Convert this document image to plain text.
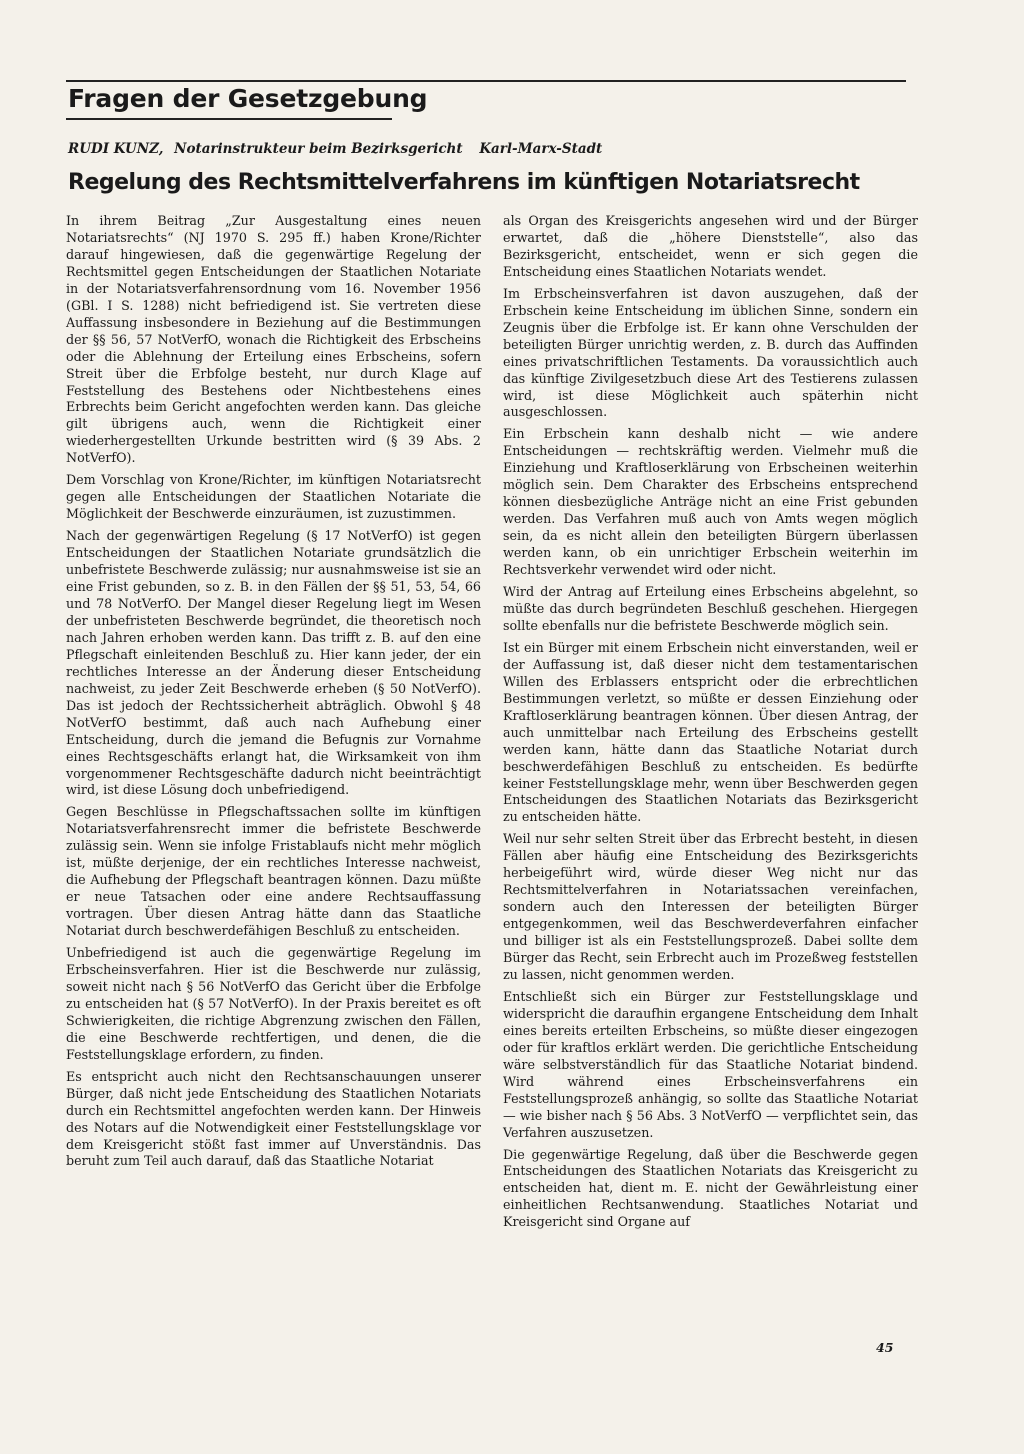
Fragen der Gesetzgebung

RUDI KUNZ, Notarinstrukteur beim Bezirksgericht Karl-Marx-Stadt

Regelung des Rechtsmittelverfahrens im künftigen Notariatsrecht

In ihrem Beitrag „Zur Ausgestaltung eines neuen Notariatsrechts“ (NJ 1970 S. 295 ff.) haben Krone/Richter darauf hingewiesen, daß die gegenwärtige Regelung der Rechtsmittel gegen Entscheidungen der Staatlichen Notariate in der Notariatsverfahrensordnung vom 16. November 1956 (GBl. I S. 1288) nicht befriedigend ist. Sie vertreten diese Auffassung insbesondere in Beziehung auf die Bestimmungen der §§ 56, 57 NotVerfO, wonach die Richtigkeit des Erbscheins oder die Ablehnung der Erteilung eines Erbscheins, sofern Streit über die Erbfolge besteht, nur durch Klage auf Feststellung des Bestehens oder Nichtbestehens eines Erbrechts beim Gericht angefochten werden kann. Das gleiche gilt übrigens auch, wenn die Richtigkeit einer wiederhergestellten Urkunde bestritten wird (§ 39 Abs. 2 NotVerfO).

Dem Vorschlag von Krone/Richter, im künftigen Notariatsrecht gegen alle Entscheidungen der Staatlichen Notariate die Möglichkeit der Beschwerde einzuräumen, ist zuzustimmen.

Nach der gegenwärtigen Regelung (§ 17 NotVerfO) ist gegen Entscheidungen der Staatlichen Notariate grundsätzlich die unbefristete Beschwerde zulässig; nur ausnahmsweise ist sie an eine Frist gebunden, so z. B. in den Fällen der §§ 51, 53, 54, 66 und 78 NotVerfO. Der Mangel dieser Regelung liegt im Wesen der unbefristeten Beschwerde begründet, die theoretisch noch nach Jahren erhoben werden kann. Das trifft z. B. auf den eine Pflegschaft einleitenden Beschluß zu. Hier kann jeder, der ein rechtliches Interesse an der Änderung dieser Entscheidung nachweist, zu jeder Zeit Beschwerde erheben (§ 50 NotVerfO). Das ist jedoch der Rechtssicherheit abträglich. Obwohl § 48 NotVerfO bestimmt, daß auch nach Aufhebung einer Entscheidung, durch die jemand die Befugnis zur Vornahme eines Rechtsgeschäfts erlangt hat, die Wirksamkeit von ihm vorgenommener Rechtsgeschäfte dadurch nicht beeinträchtigt wird, ist diese Lösung doch unbefriedigend.

Gegen Beschlüsse in Pflegschaftssachen sollte im künftigen Notariatsverfahrensrecht immer die befristete Beschwerde zulässig sein. Wenn sie infolge Fristablaufs nicht mehr möglich ist, müßte derjenige, der ein rechtliches Interesse nachweist, die Aufhebung der Pflegschaft beantragen können. Dazu müßte er neue Tatsachen oder eine andere Rechtsauffassung vortragen. Über diesen Antrag hätte dann das Staatliche Notariat durch beschwerdefähigen Beschluß zu entscheiden.

Unbefriedigend ist auch die gegenwärtige Regelung im Erbscheinsverfahren. Hier ist die Beschwerde nur zulässig, soweit nicht nach § 56 NotVerfO das Gericht über die Erbfolge zu entscheiden hat (§ 57 NotVerfO). In der Praxis bereitet es oft Schwierigkeiten, die richtige Abgrenzung zwischen den Fällen, die eine Beschwerde rechtfertigen, und denen, die die Feststellungsklage erfordern, zu finden.

Es entspricht auch nicht den Rechtsanschauungen unserer Bürger, daß nicht jede Entscheidung des Staatlichen Notariats durch ein Rechtsmittel angefochten werden kann. Der Hinweis des Notars auf die Notwendigkeit einer Feststellungsklage vor dem Kreisgericht stößt fast immer auf Unverständnis. Das beruht zum Teil auch darauf, daß das Staatliche Notariat

als Organ des Kreisgerichts angesehen wird und der Bürger erwartet, daß die „höhere Dienststelle“, also das Bezirksgericht, entscheidet, wenn er sich gegen die Entscheidung eines Staatlichen Notariats wendet.

Im Erbscheinsverfahren ist davon auszugehen, daß der Erbschein keine Entscheidung im üblichen Sinne, sondern ein Zeugnis über die Erbfolge ist. Er kann ohne Verschulden der beteiligten Bürger unrichtig werden, z. B. durch das Auffinden eines privatschriftlichen Testaments. Da voraussichtlich auch das künftige Zivilgesetzbuch diese Art des Testierens zulassen wird, ist diese Möglichkeit auch späterhin nicht ausgeschlossen.

Ein Erbschein kann deshalb nicht — wie andere Entscheidungen — rechtskräftig werden. Vielmehr muß die Einziehung und Kraftloserklärung von Erbscheinen weiterhin möglich sein. Dem Charakter des Erbscheins entsprechend können diesbezügliche Anträge nicht an eine Frist gebunden werden. Das Verfahren muß auch von Amts wegen möglich sein, da es nicht allein den beteiligten Bürgern überlassen werden kann, ob ein unrichtiger Erbschein weiterhin im Rechtsverkehr verwendet wird oder nicht.

Wird der Antrag auf Erteilung eines Erbscheins abgelehnt, so müßte das durch begründeten Beschluß geschehen. Hiergegen sollte ebenfalls nur die befristete Beschwerde möglich sein.

Ist ein Bürger mit einem Erbschein nicht einverstanden, weil er der Auffassung ist, daß dieser nicht dem testamentarischen Willen des Erblassers entspricht oder die erbrechtlichen Bestimmungen verletzt, so müßte er dessen Einziehung oder Kraftloserklärung beantragen können. Über diesen Antrag, der auch unmittelbar nach Erteilung des Erbscheins gestellt werden kann, hätte dann das Staatliche Notariat durch beschwerdefähigen Beschluß zu entscheiden. Es bedürfte keiner Feststellungsklage mehr, wenn über Beschwerden gegen Entscheidungen des Staatlichen Notariats das Bezirksgericht zu entscheiden hätte.

Weil nur sehr selten Streit über das Erbrecht besteht, in diesen Fällen aber häufig eine Entscheidung des Bezirksgerichts herbeigeführt wird, würde dieser Weg nicht nur das Rechtsmittelverfahren in Notariatssachen vereinfachen, sondern auch den Interessen der beteiligten Bürger entgegenkommen, weil das Beschwerdeverfahren einfacher und billiger ist als ein Feststellungsprozeß. Dabei sollte dem Bürger das Recht, sein Erbrecht auch im Prozeßweg feststellen zu lassen, nicht genommen werden.

Entschließt sich ein Bürger zur Feststellungsklage und widerspricht die daraufhin ergangene Entscheidung dem Inhalt eines bereits erteilten Erbscheins, so müßte dieser eingezogen oder für kraftlos erklärt werden. Die gerichtliche Entscheidung wäre selbstverständlich für das Staatliche Notariat bindend. Wird während eines Erbscheinsverfahrens ein Feststellungsprozeß anhängig, so sollte das Staatliche Notariat — wie bisher nach § 56 Abs. 3 NotVerfO — verpflichtet sein, das Verfahren auszusetzen.

Die gegenwärtige Regelung, daß über die Beschwerde gegen Entscheidungen des Staatlichen Notariats das Kreisgericht zu entscheiden hat, dient m. E. nicht der Gewährleistung einer einheitlichen Rechtsanwendung. Staatliches Notariat und Kreisgericht sind Organe auf

45
